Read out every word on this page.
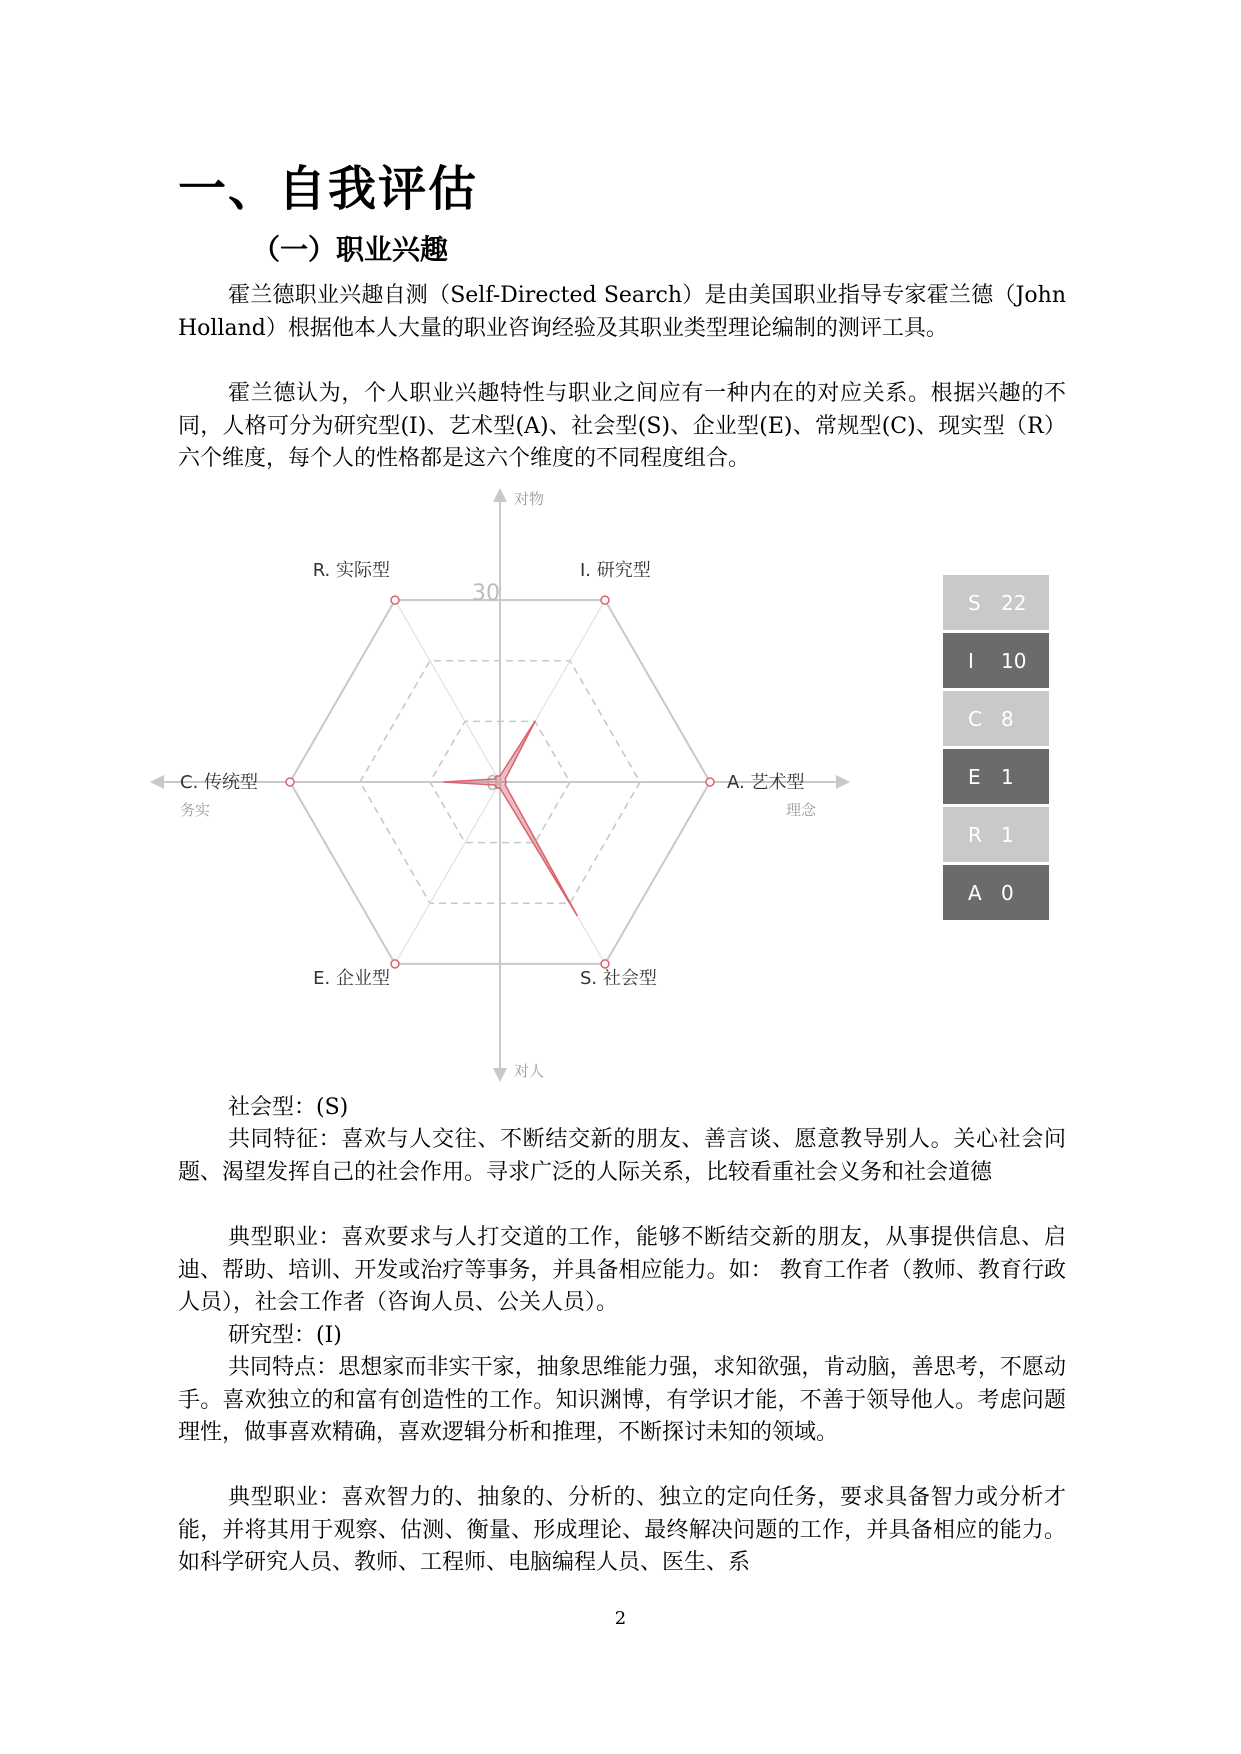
一、自我评估
（一）职业兴趣

霍兰德职业兴趣自测（Self-Directed Search）是由美国职业指导专家霍兰德（John Holland）根据他本人大量的职业咨询经验及其职业类型理论编制的测评工具。

霍兰德认为，个人职业兴趣特性与职业之间应有一种内在的对应关系。根据兴趣的不同，人格可分为研究型(I)、艺术型(A)、社会型(S)、企业型(E)、常规型(C)、现实型（R）六个维度，每个人的性格都是这六个维度的不同程度组合。

对物
对人
务实	理念
30
R. 实际型	I. 研究型
A. 艺术型
S. 社会型
E. 企业型
C. 传统型
S	22
I	10
C 8
E	1
R 1
A 0

社会型：(S)

共同特征：喜欢与人交往、不断结交新的朋友、善言谈、愿意教导别人。关心社会问题、渴望发挥自己的社会作用。寻求广泛的人际关系，比较看重社会义务和社会道德

典型职业：喜欢要求与人打交道的工作，能够不断结交新的朋友，从事提供信息、启迪、帮助、培训、开发或治疗等事务，并具备相应能力。如： 教育工作者（教师、教育行政人员），社会工作者（咨询人员、公关人员）。

研究型：(I)

共同特点：思想家而非实干家，抽象思维能力强，求知欲强，肯动脑，善思考，不愿动手。喜欢独立的和富有创造性的工作。知识渊博，有学识才能，不善于领导他人。考虑问题理性，做事喜欢精确，喜欢逻辑分析和推理，不断探讨未知的领域。

典型职业：喜欢智力的、抽象的、分析的、独立的定向任务，要求具备智力或分析才能，并将其用于观察、估测、衡量、形成理论、最终解决问题的工作，并具备相应的能力。如科学研究人员、教师、工程师、电脑编程人员、医生、系

2
